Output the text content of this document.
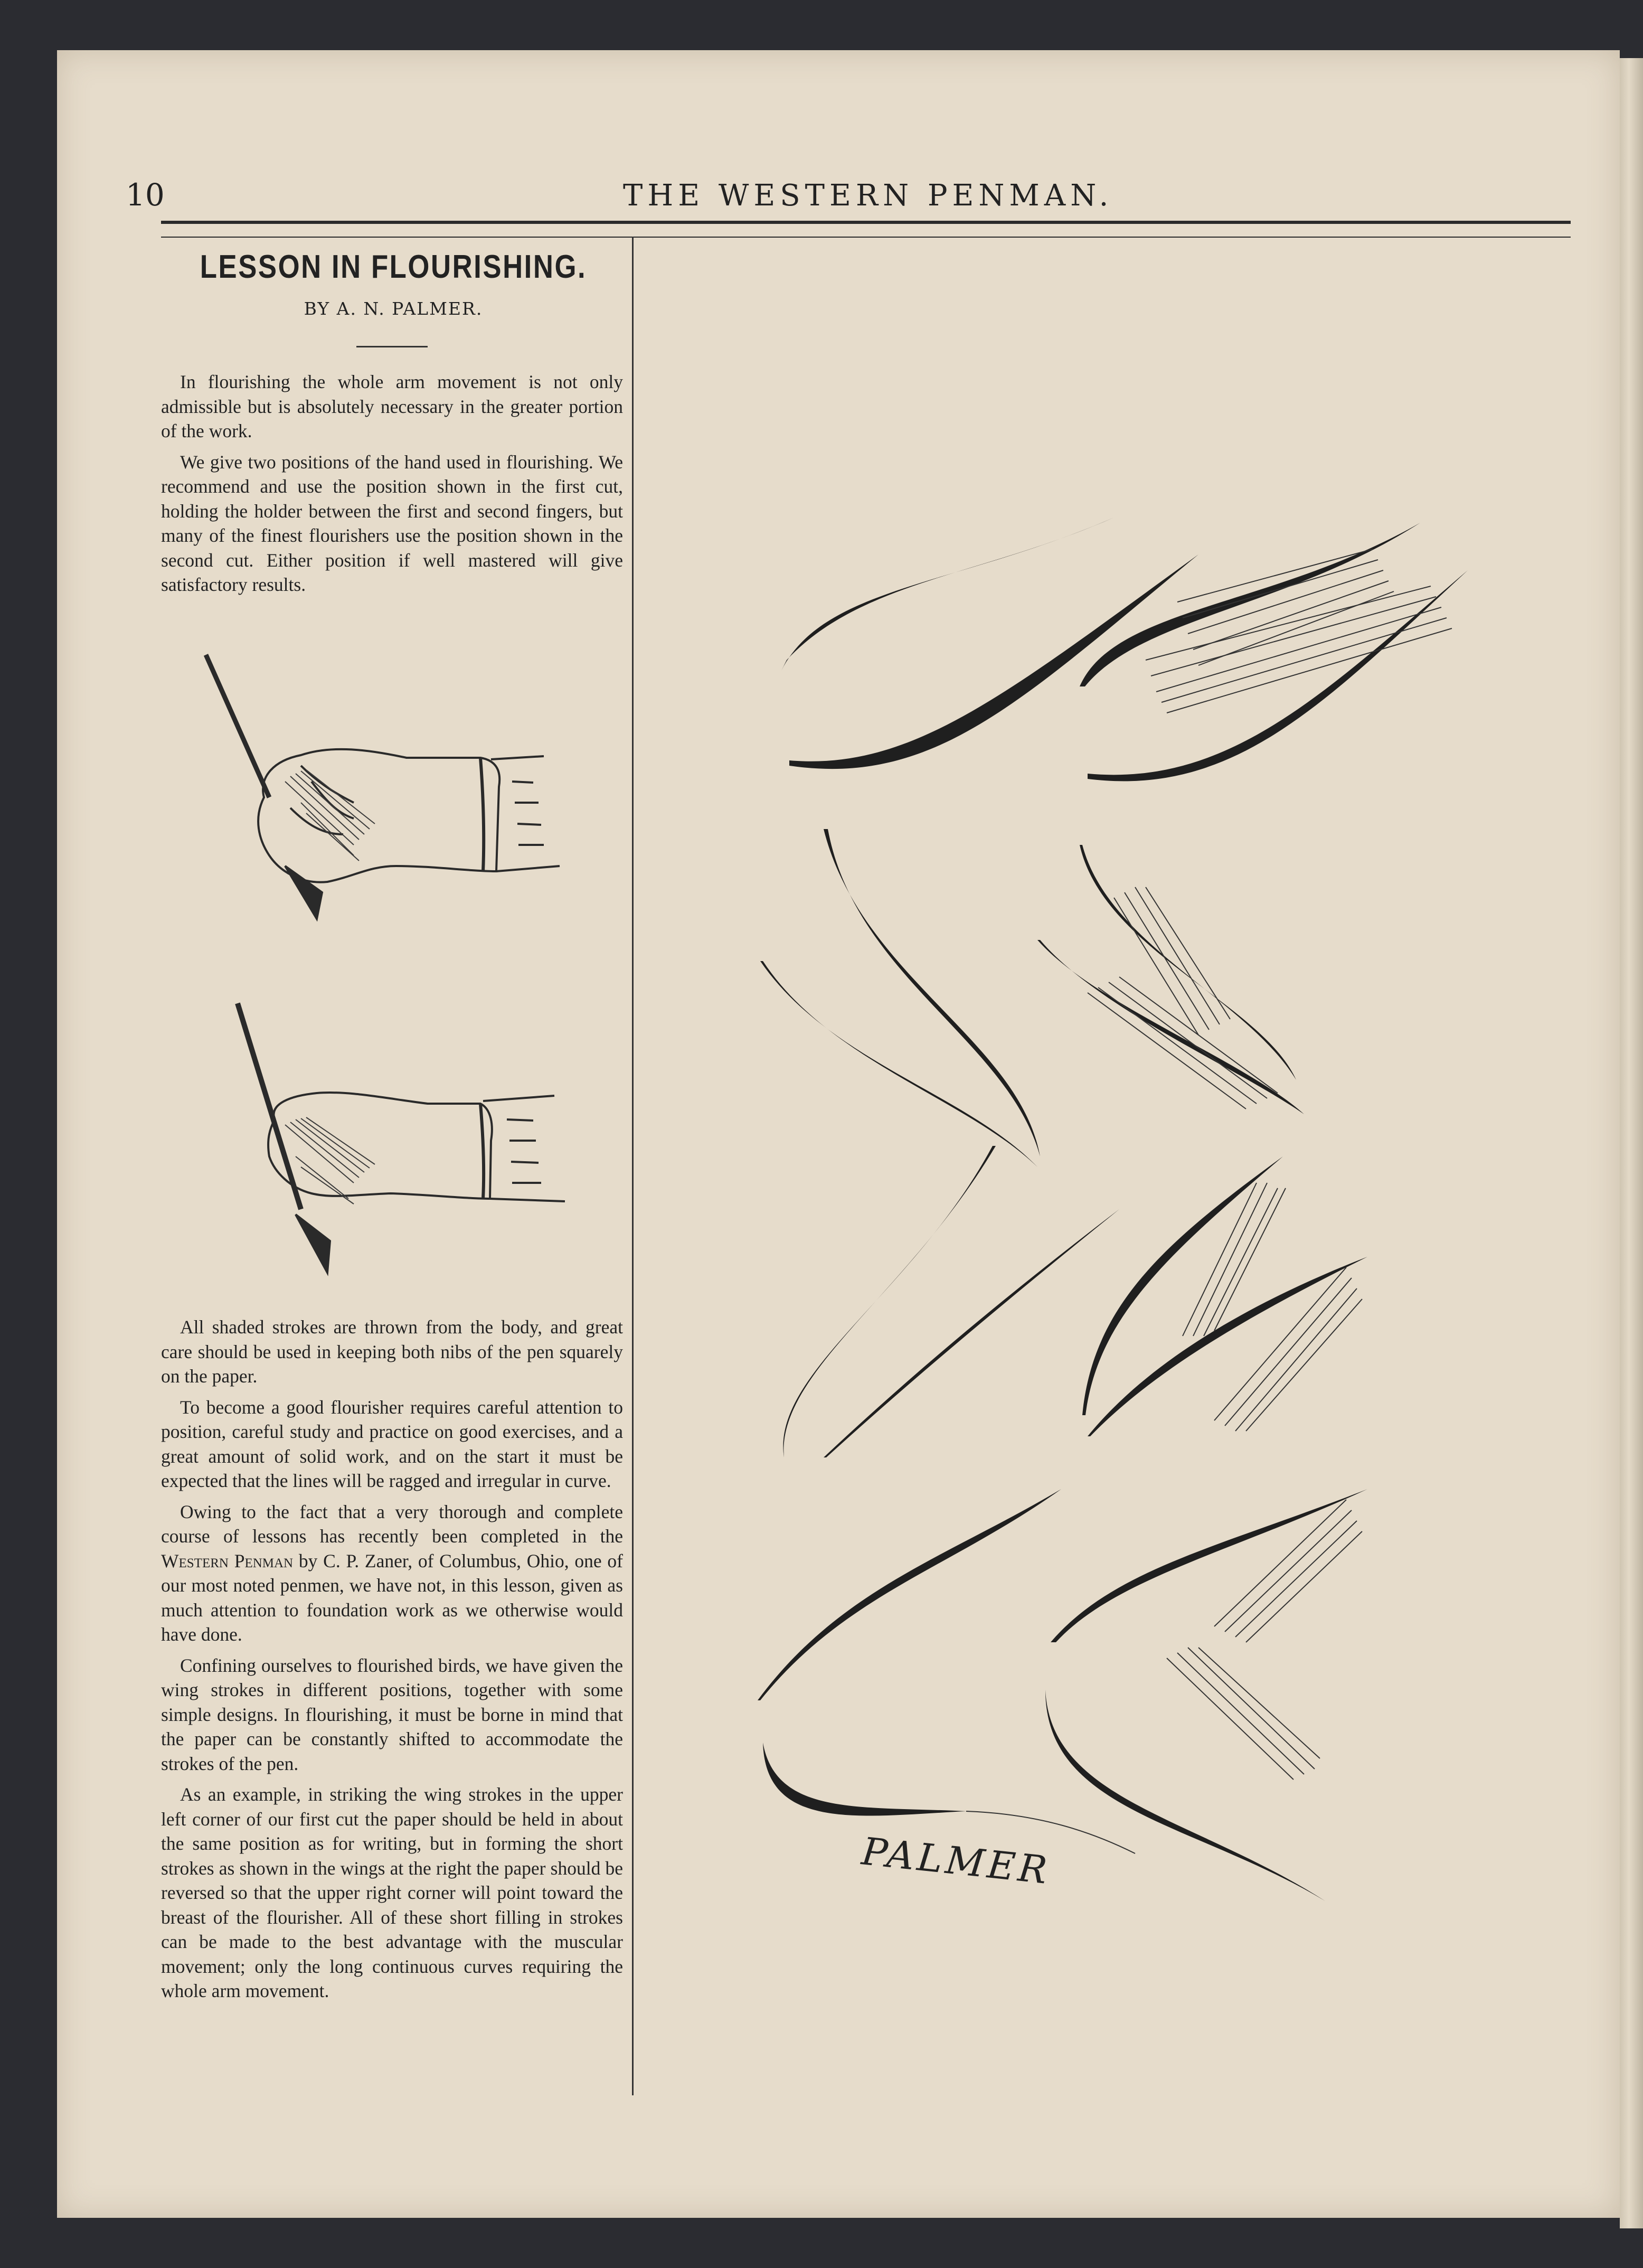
10	THE WESTERN PENMAN.
LESSON IN FLOURISHING.
BY A. N. PALMER.

In flourishing the whole arm movement is not only admissible but is absolutely necessary in the greater portion of the work.

We give two positions of the hand used in flourishing. We recommend and use the position shown in the first cut, holding the holder between the first and second fingers, but many of the finest flourishers use the position shown in the second cut. Either position if well mastered will give satisfactory results.

All shaded strokes are thrown from the body, and great care should be used in keeping both nibs of the pen squarely on the paper.

To become a good flourisher requires careful attention to position, careful study and practice on good exercises, and a great amount of solid work, and on the start it must be expected that the lines will be ragged and irregular in curve.

Owing to the fact that a very thorough and complete course of lessons has recently been completed in the Western Penman by C. P. Zaner, of Columbus, Ohio, one of our most noted penmen, we have not, in this lesson, given as much attention to foundation work as we otherwise would have done.

Confining ourselves to flourished birds, we have given the wing strokes in different positions, together with some simple designs. In flourishing, it must be borne in mind that the paper can be constantly shifted to accommodate the strokes of the pen.

As an example, in striking the wing strokes in the upper left corner of our first cut the paper should be held in about the same position as for writing, but in forming the short strokes as shown in the wings at the right the paper should be reversed so that the upper right corner will point toward the breast of the flourisher. All of these short filling in strokes can be made to the best advantage with the muscular movement; only the long continuous curves requiring the whole arm movement.

PALMER
